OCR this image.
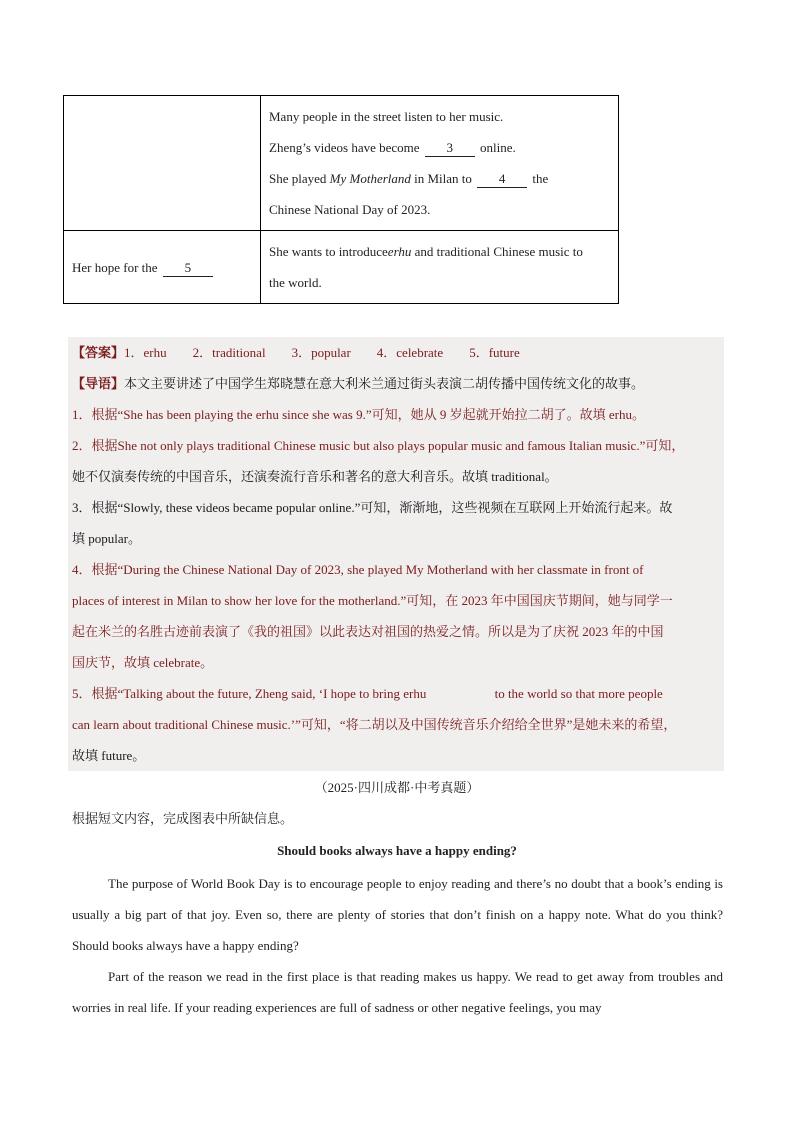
	Many people in the street listen to her music.
Zheng’s videos have become 3 online.
She played My Motherland in Milan to 4 the
Chinese National Day of 2023.

Her hope for the 5	She wants to introduceerhu and traditional Chinese music to
the world.

【答案】1．erhu 2．traditional 3．popular 4．celebrate 5．future

【导语】本文主要讲述了中国学生郑晓慧在意大利米兰通过街头表演二胡传播中国传统文化的故事。

1．根据“She has been playing the erhu since she was 9.”可知，她从 9 岁起就开始拉二胡了。故填 erhu。

2．根据She not only plays traditional Chinese music but also plays popular music and famous Italian music.”可知，

她不仅演奏传统的中国音乐，还演奏流行音乐和著名的意大利音乐。故填 traditional。

3．根据“Slowly, these videos became popular online.”可知，渐渐地，这些视频在互联网上开始流行起来。故

填 popular。

4．根据“During the Chinese National Day of 2023, she played My Motherland with her classmate in front of

places of interest in Milan to show her love for the motherland.”可知，在 2023 年中国国庆节期间，她与同学一

起在米兰的名胜古迹前表演了《我的祖国》以此表达对祖国的热爱之情。所以是为了庆祝 2023 年的中国

国庆节，故填 celebrate。

5．根据“Talking about the future, Zheng said, ‘I hope to bring erhu                     to the world so that more people

can learn about traditional Chinese music.’”可知，“将二胡以及中国传统音乐介绍给全世界”是她未来的希望，

故填 future。

（2025·四川成都·中考真题）
根据短文内容，完成图表中所缺信息。
Should books always have a happy ending?

The purpose of World Book Day is to encourage people to enjoy reading and there’s no doubt that a book’s ending is usually a big part of that joy. Even so, there are plenty of stories that don’t finish on a happy note. What do you think? Should books always have a happy ending?

Part of the reason we read in the first place is that reading makes us happy. We read to get away from troubles and worries in real life. If your reading experiences are full of sadness or other negative feelings, you may
